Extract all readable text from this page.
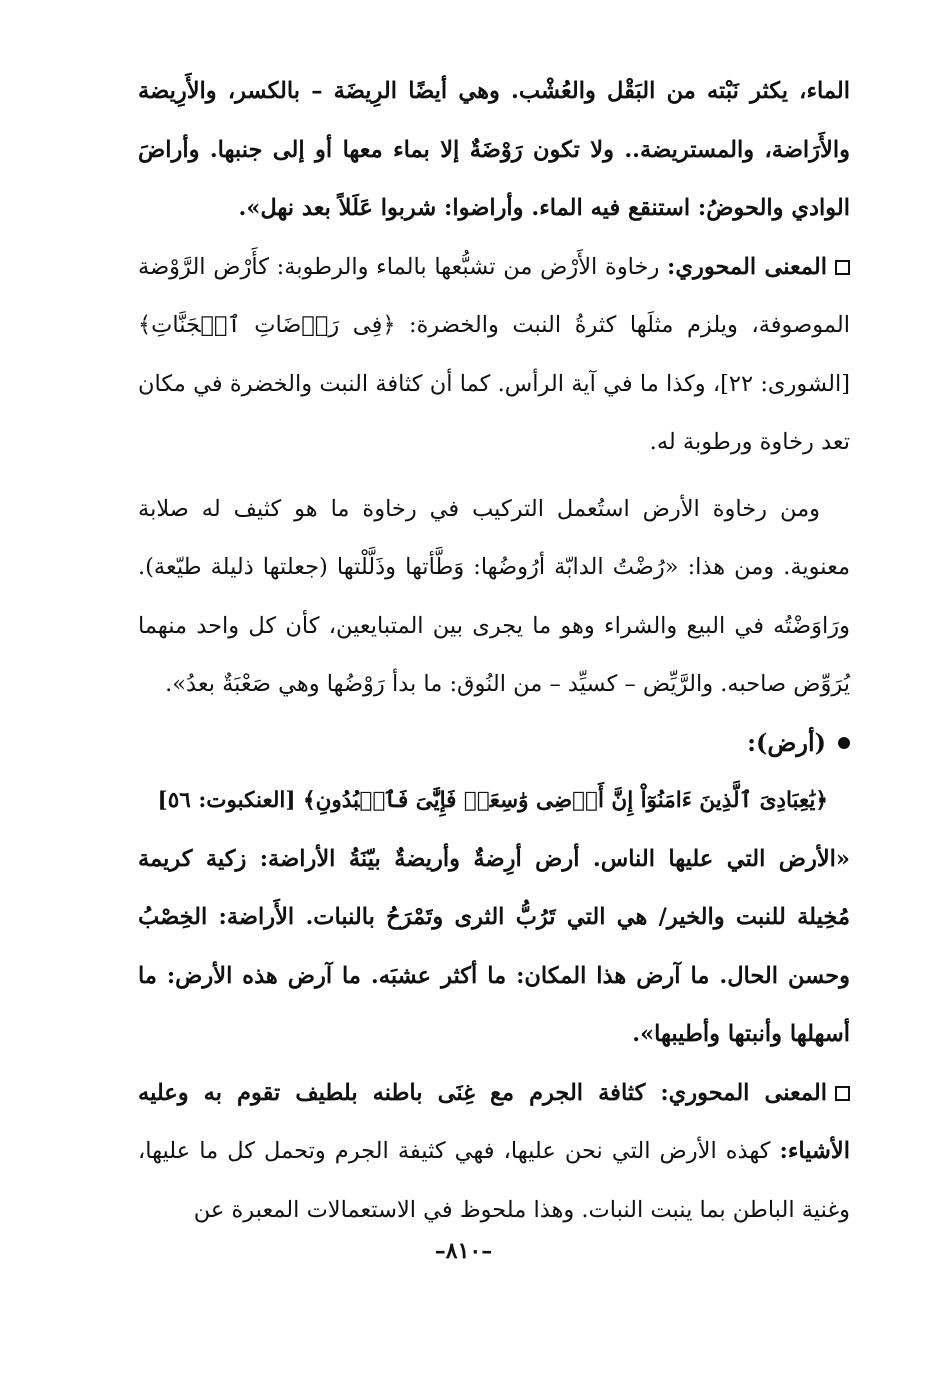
الماء، يكثر نَبْته من البَقْل والعُشْب. وهي أيضًا الرِيضَة – بالكسر، والأَرِيضة والأَرَاضة، والمستريضة.. ولا تكون رَوْضَةٌ إلا بماء معها أو إلى جنبها. وأراضَ الوادي والحوضُ: استنقع فيه الماء. وأراضوا: شربوا عَلَلاً بعد نهل».

المعنى المحوري: رخاوة الأَرْض من تشبُّعها بالماء والرطوبة: كأَرْض الرَّوْضة الموصوفة، ويلزم مثلَها كثرةُ النبت والخضرة: ﴿فِى رَوۡضَاتِ ٱلۡجَنَّاتِ﴾ [الشورى: ٢٢]، وكذا ما في آية الرأس. كما أن كثافة النبت والخضرة في مكان تعد رخاوة ورطوبة له.

ومن رخاوة الأرض استُعمل التركيب في رخاوة ما هو كثيف له صلابة معنوية. ومن هذا: «رُضْتُ الدابّة أرُوضُها: وَطَّأتها وذَلَّلْتها (جعلتها ذليلة طيّعة). ورَاوَضْتُه في البيع والشراء وهو ما يجرى بين المتبايعين، كأن كل واحد منهما يُرَوِّض صاحبه. والرَّيِّض – كسيِّد – من النُوق: ما بدأ رَوْضُها وهي صَعْبَةٌ بعدُ».

(أرض):

﴿يَٰعِبَادِىَ ٱلَّذِينَ ءَامَنُوٓاْ إِنَّ أَرۡضِى وَٰسِعَةٞ فَإِيَّٰىَ فَٱعۡبُدُونِ﴾ [العنكبوت: ٥٦]

«الأرض التي عليها الناس. أرض أرِضةٌ وأريضةٌ بيّنَةُ الأراضة: زكية كريمة مُخِيلة للنبت والخير/ هي التي تَرُبُّ الثرى وتَمْرَحُ بالنبات. الأَراضة: الخِصْبُ وحسن الحال. ما آرض هذا المكان: ما أكثر عشبَه. ما آرض هذه الأرض: ما أسهلها وأنبتها وأطيبها».

المعنى المحوري: كثافة الجرم مع غِنَى باطنه بلطيف تقوم به وعليه الأشياء: كهذه الأرض التي نحن عليها، فهي كثيفة الجرم وتحمل كل ما عليها، وغنية الباطن بما ينبت النبات. وهذا ملحوظ في الاستعمالات المعبرة عن

–٨١٠–
